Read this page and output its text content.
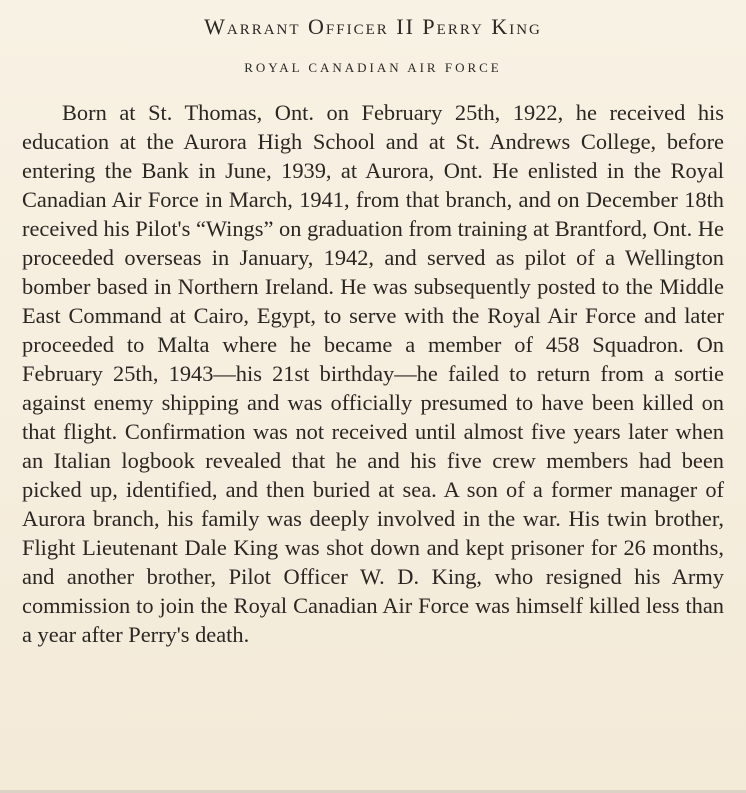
Warrant Officer II Perry King
ROYAL CANADIAN AIR FORCE

Born at St. Thomas, Ont. on February 25th, 1922, he received his education at the Aurora High School and at St. Andrews College, before entering the Bank in June, 1939, at Aurora, Ont. He enlisted in the Royal Canadian Air Force in March, 1941, from that branch, and on December 18th received his Pilot's “Wings” on graduation from training at Brantford, Ont. He proceeded overseas in January, 1942, and served as pilot of a Wellington bomber based in Northern Ireland. He was subsequently posted to the Middle East Command at Cairo, Egypt, to serve with the Royal Air Force and later proceeded to Malta where he became a member of 458 Squadron. On February 25th, 1943—his 21st birthday—he failed to return from a sortie against enemy shipping and was officially presumed to have been killed on that flight. Confirmation was not received until almost five years later when an Italian logbook revealed that he and his five crew members had been picked up, identified, and then buried at sea. A son of a former manager of Aurora branch, his family was deeply involved in the war. His twin brother, Flight Lieutenant Dale King was shot down and kept prisoner for 26 months, and another brother, Pilot Officer W. D. King, who resigned his Army commission to join the Royal Canadian Air Force was himself killed less than a year after Perry's death.
